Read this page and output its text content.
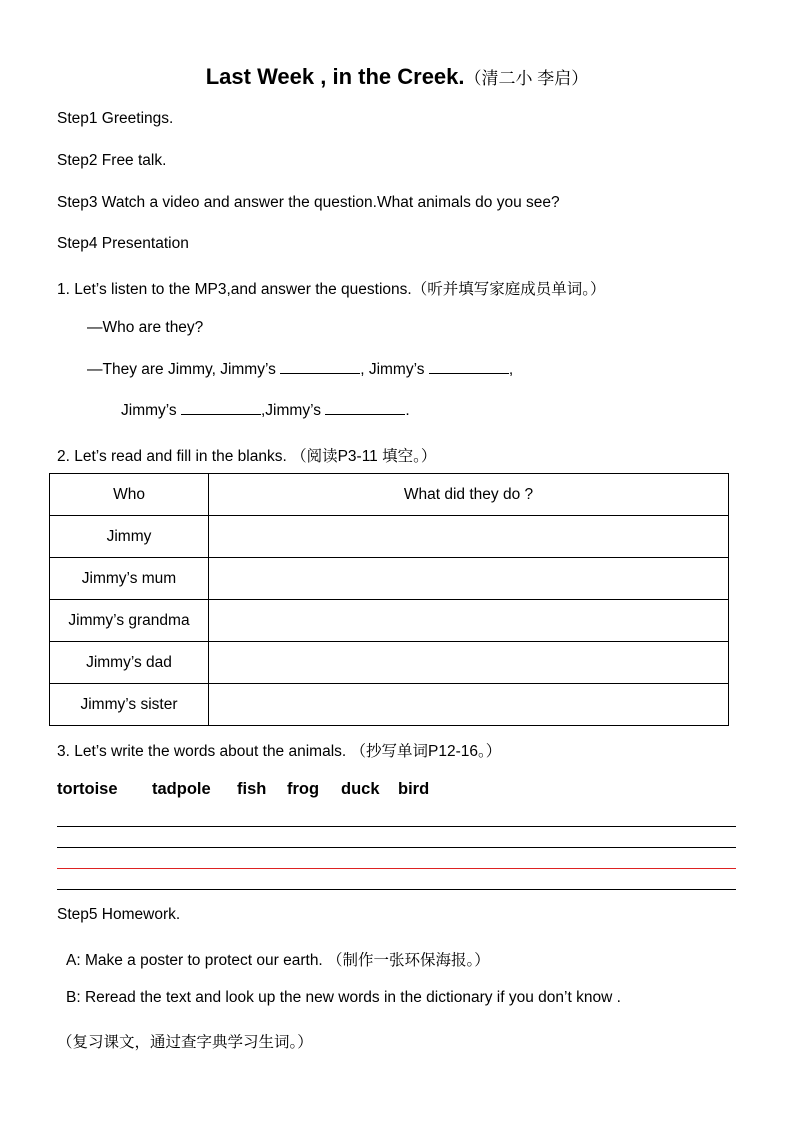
Last Week , in the Creek.（清二小 李启）
Step1 Greetings.
Step2 Free talk.
Step3 Watch a video and answer the question.What animals do you see?
Step4 Presentation
1. Let’s listen to the MP3,and answer the questions.（听并填写家庭成员单词。）
—Who are they?
—They are Jimmy, Jimmy’s	, Jimmy’s	,
Jimmy’s	,Jimmy’s	.
2. Let’s read and fill in the blanks. （阅读P3-11 填空。）
Who	What did they do ?
Jimmy	
Jimmy’s mum	
Jimmy’s grandma	
Jimmy’s dad	
Jimmy’s sister	
3. Let’s write the words about the animals. （抄写单词P12-16。）
tortoise tadpole fish frog duck bird
Step5 Homework.
A: Make a poster to protect our earth. （制作一张环保海报。）
B: Reread the text and look up the new words in the dictionary if you don’t know .
（复习课文，通过查字典学习生词。）
